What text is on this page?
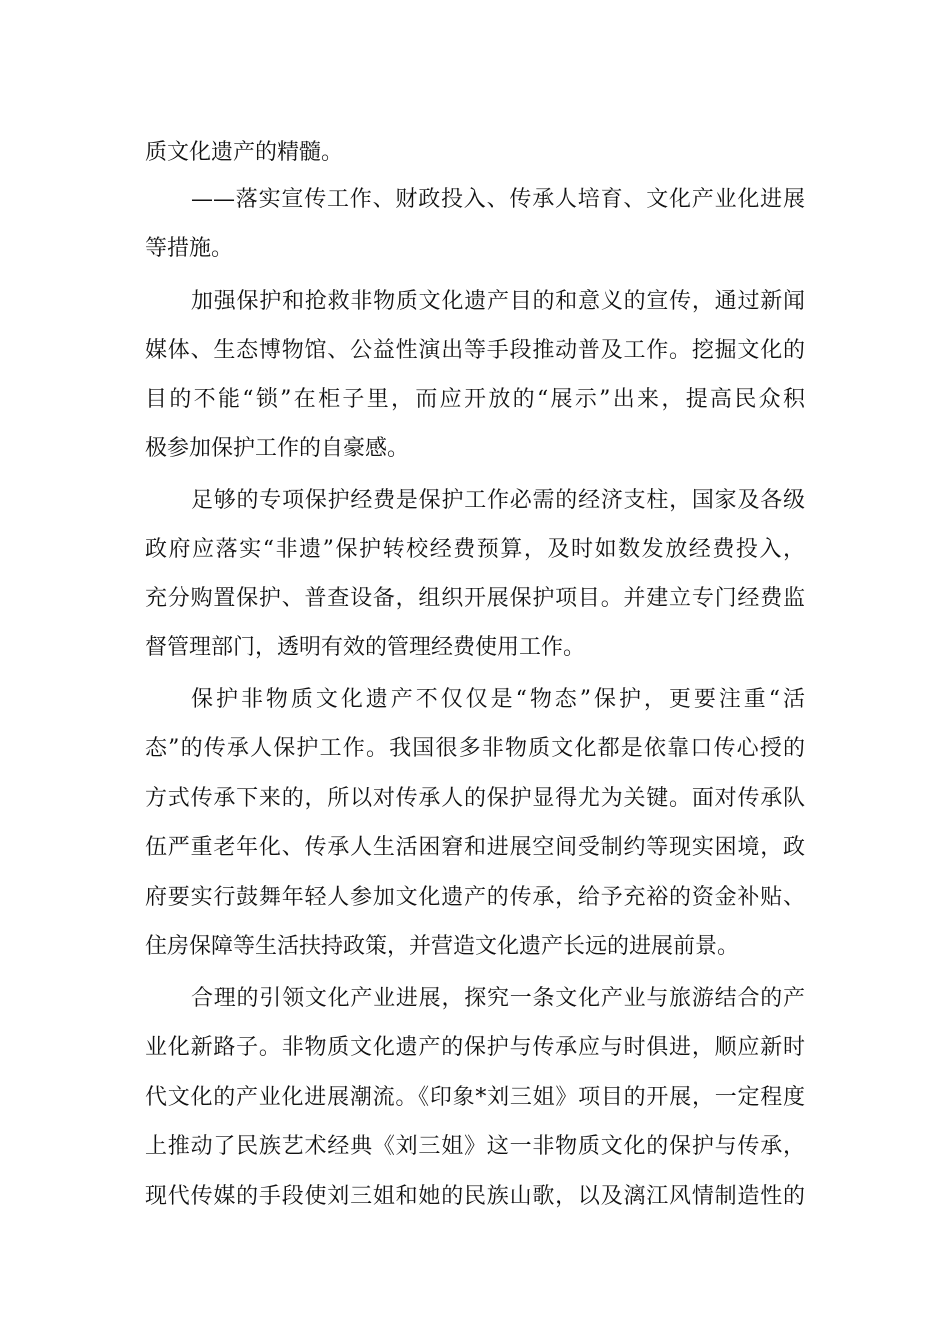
质文化遗产的精髓。
——落实宣传工作、财政投入、传承人培育、文化产业化进展
等措施。
加强保护和抢救非物质文化遗产目的和意义的宣传，通过新闻
媒体、生态博物馆、公益性演出等手段推动普及工作。挖掘文化的
目的不能“锁”在柜子里，而应开放的“展示”出来，提高民众积
极参加保护工作的自豪感。
足够的专项保护经费是保护工作必需的经济支柱，国家及各级
政府应落实“非遗”保护转校经费预算，及时如数发放经费投入，
充分购置保护、普查设备，组织开展保护项目。并建立专门经费监
督管理部门，透明有效的管理经费使用工作。
保护非物质文化遗产不仅仅是“物态”保护，更要注重“活
态”的传承人保护工作。我国很多非物质文化都是依靠口传心授的
方式传承下来的，所以对传承人的保护显得尤为关键。面对传承队
伍严重老年化、传承人生活困窘和进展空间受制约等现实困境，政
府要实行鼓舞年轻人参加文化遗产的传承，给予充裕的资金补贴、
住房保障等生活扶持政策，并营造文化遗产长远的进展前景。
合理的引领文化产业进展，探究一条文化产业与旅游结合的产
业化新路子。非物质文化遗产的保护与传承应与时俱进，顺应新时
代文化的产业化进展潮流。《印象*刘三姐》项目的开展，一定程度
上推动了民族艺术经典《刘三姐》这一非物质文化的保护与传承，
现代传媒的手段使刘三姐和她的民族山歌，以及漓江风情制造性的
